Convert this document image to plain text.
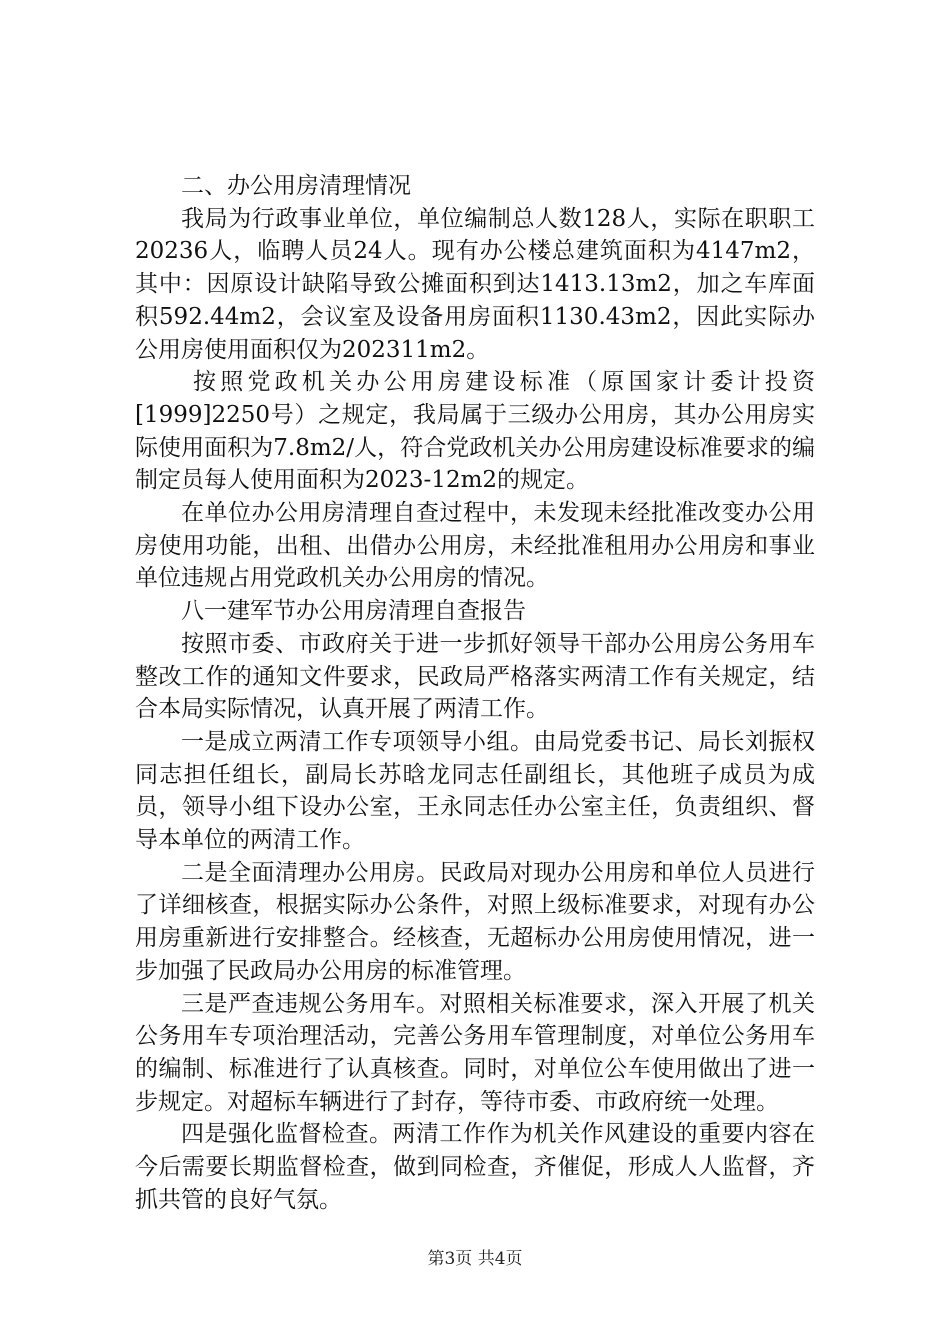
二、办公用房清理情况

我局为行政事业单位，单位编制总人数128人，实际在职职工20236人，临聘人员24人。现有办公楼总建筑面积为4147m2，其中：因原设计缺陷导致公摊面积到达1413.13m2，加之车库面积592.44m2，会议室及设备用房面积1130.43m2，因此实际办公用房使用面积仅为202311m2。

按照党政机关办公用房建设标准（原国家计委计投资[1999]2250号）之规定，我局属于三级办公用房，其办公用房实际使用面积为7.8m2/人，符合党政机关办公用房建设标准要求的编制定员每人使用面积为2023-12m2的规定。

在单位办公用房清理自查过程中，未发现未经批准改变办公用房使用功能，出租、出借办公用房，未经批准租用办公用房和事业单位违规占用党政机关办公用房的情况。

八一建军节办公用房清理自查报告

按照市委、市政府关于进一步抓好领导干部办公用房公务用车整改工作的通知文件要求，民政局严格落实两清工作有关规定，结合本局实际情况，认真开展了两清工作。

一是成立两清工作专项领导小组。由局党委书记、局长刘振权同志担任组长，副局长苏晗龙同志任副组长，其他班子成员为成员，领导小组下设办公室，王永同志任办公室主任，负责组织、督导本单位的两清工作。

二是全面清理办公用房。民政局对现办公用房和单位人员进行了详细核查，根据实际办公条件，对照上级标准要求，对现有办公用房重新进行安排整合。经核查，无超标办公用房使用情况，进一步加强了民政局办公用房的标准管理。

三是严查违规公务用车。对照相关标准要求，深入开展了机关公务用车专项治理活动，完善公务用车管理制度，对单位公务用车的编制、标准进行了认真核查。同时，对单位公车使用做出了进一步规定。对超标车辆进行了封存，等待市委、市政府统一处理。

四是强化监督检查。两清工作作为机关作风建设的重要内容在今后需要长期监督检查，做到同检查，齐催促，形成人人监督，齐抓共管的良好气氛。

第3页 共4页
